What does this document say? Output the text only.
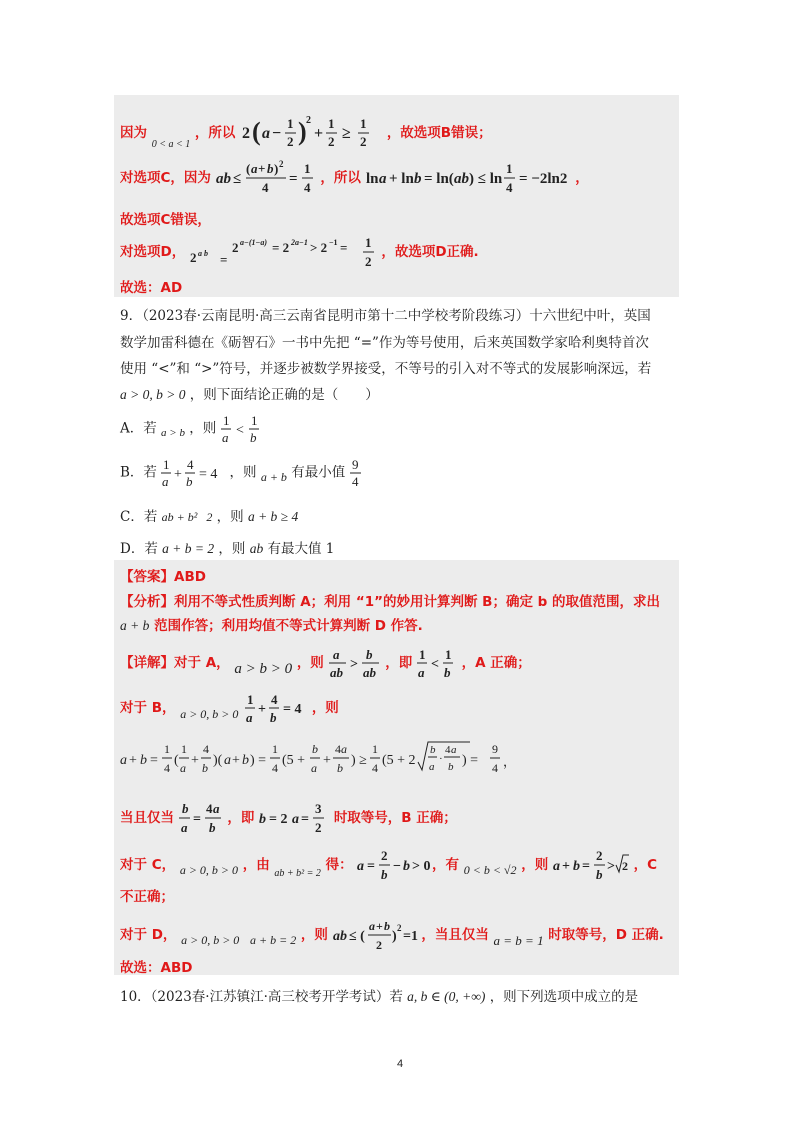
因为 $_{0 < a < 1}$ ，所以 2 ( a −
1
2 ) 2
+
1
2 ≥
1
2
，故选项B错误；
对选项C，因为 ab ≤
( a + b ) 2
4
=
1
4
，所以 ln a + ln b = ln( ab ) ≤ ln
1
4
= −2ln2 ，
故选项C错误，
对选项D， 2 a b =
2 a−(1−a) = 2 2a−1 > 2 −1 =
1
2
，故选项D正确.
故选：AD
9．（2023春·云南昆明·高三云南省昆明市第十二中学校考阶段练习）十六世纪中叶，英国
数学加雷科德在《砺智石》一书中先把 “=”作为等号使用，后来英国数学家哈利奥特首次
使用 “<”和 “>”符号，并逐步被数学界接受，不等号的引入对不等式的发展影响深远，若
a > 0, b > 0 ，则下面结论正确的是（　　）
A．若 $_{a > b}$ ，则 1
a <
1
b
B．若 1
a +
4
b = 4 ，则 a + b 有最小值 9
4
C．若 ab + b²   2 ，则 a + b ≥ 4
D．若 a + b = 2 ，则 ab 有最大值 1
【答案】ABD
【分析】利用不等式性质判断 A；利用 “1”的妙用计算判断 B；确定 b 的取值范围，求出
a + b 范围作答；利用均值不等式计算判断 D 作答.
【详解】对于 A， a > b > 0 ，则
a
ab
>
b
ab
，即
1
a
<
1
b
，A 正确；
对于 B， a > 0, b > 0
1
a
+
4
b
= 4 ，则
a + b =
1
4 (
1
a +
4
b )( a + b ) =
1
4 (5 +
b
a +
4 a
b ) ≥
1
4 (5 + 2
b
a
·
4 a
b ) =

9
4 ，
当且仅当
b
a
=
4 a
b
，即 b = 2 a =
3
2
时取等号，B 正确；
对于 C， a > 0, b > 0 ，由 $_{ab + b^2 = 2}$ 得： a =
2
b
− b > 0 ，有 0 < b < √2 ，则 a + b =
2
b
> 2 ，C
不正确；
对于 D， a > 0, b > 0 a + b = 2 ，则 ab ≤ (
a + b
2
)
2
=1 ，当且仅当 a = b = 1 时取等号，D 正确.
故选：ABD
10．（2023春·江苏镇江·高三校考开学考试）若 a, b ∈ (0, +∞) ，则下列选项中成立的是
4
